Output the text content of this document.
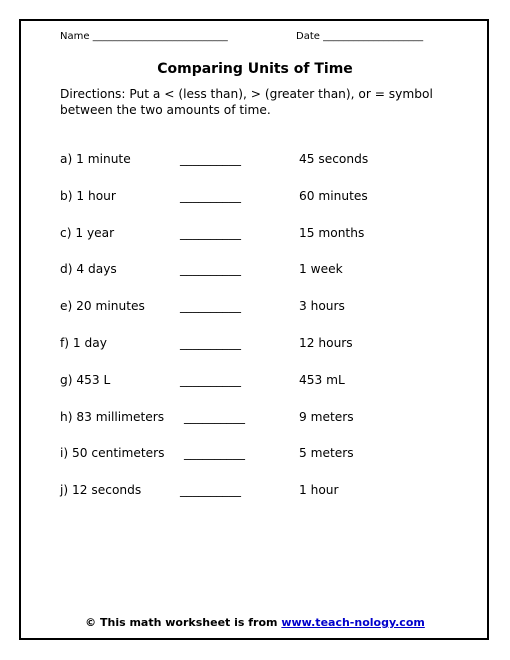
Name ___________________________	Date ____________________
Comparing Units of Time
Directions: Put a < (less than), > (greater than), or = symbol between the two amounts of time.
a) 1 minute	__________	45 seconds
b) 1 hour	__________	60 minutes
c) 1 year	__________	15 months
d) 4 days	__________	1 week
e) 20 minutes	__________	3 hours
f) 1 day	__________	12 hours
g) 453 L	__________	453 mL
h) 83 millimeters __________	9 meters
i) 50 centimeters __________	5 meters
j) 12 seconds	__________	1 hour
© This math worksheet is from www.teach-nology.com
